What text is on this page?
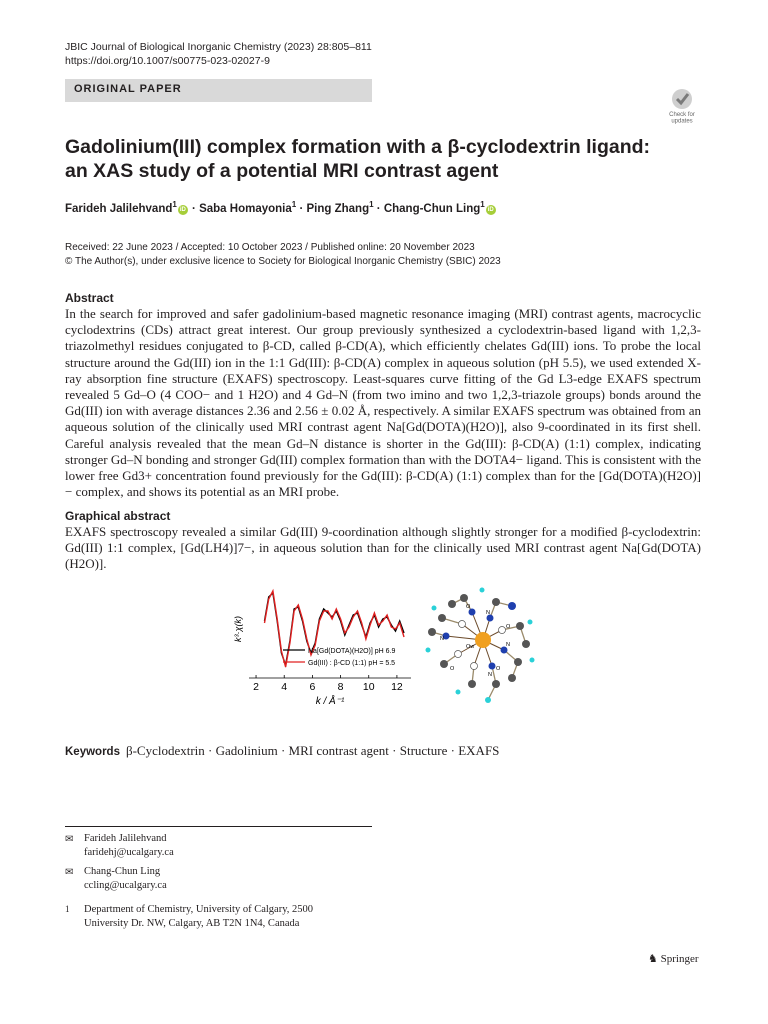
JBIC Journal of Biological Inorganic Chemistry (2023) 28:805–811
https://doi.org/10.1007/s00775-023-02027-9
ORIGINAL PAPER
Check for
updates
Gadolinium(III) complex formation with a β-cyclodextrin ligand:
an XAS study of a potential MRI contrast agent
Farideh Jalilehvand$^1$iD · Saba Homayonia$^1$ · Ping Zhang$^1$ · Chang-Chun Ling$^1$iD
Received: 22 June 2023 / Accepted: 10 October 2023 / Published online: 20 November 2023
© The Author(s), under exclusive licence to Society for Biological Inorganic Chemistry (SBIC) 2023
Abstract
In the search for improved and safer gadolinium-based magnetic resonance imaging (MRI) contrast agents, macrocyclic cyclodextrins (CDs) attract great interest. Our group previously synthesized a cyclodextrin-based ligand with 1,2,3-triazolmethyl residues conjugated to β-CD, called β-CD(A), which efficiently chelates Gd(III) ions. To probe the local structure around the Gd(III) ion in the 1:1 Gd(III): β-CD(A) complex in aqueous solution (pH 5.5), we used extended X-ray absorption fine structure (EXAFS) spectroscopy. Least-squares curve fitting of the Gd L3-edge EXAFS spectrum revealed 5 Gd–O (4 COO− and 1 H2O) and 4 Gd–N (from two imino and two 1,2,3-triazole groups) bonds around the Gd(III) ion with average distances 2.36 and 2.56 ± 0.02 Å, respectively. A similar EXAFS spectrum was obtained from an aqueous solution of the clinically used MRI contrast agent Na[Gd(DOTA)(H2O)], also 9-coordinated in its first shell. Careful analysis revealed that the mean Gd–N distance is shorter in the Gd(III): β-CD(A) (1:1) complex, indicating stronger Gd–N bonding and stronger Gd(III) complex formation than with the DOTA4− ligand. This is consistent with the lower free Gd3+ concentration found previously for the Gd(III): β-CD(A) (1:1) complex than for the [Gd(DOTA)(H2O)]− complex, and shows its potential as an MRI probe.
Graphical abstract
EXAFS spectroscopy revealed a similar Gd(III) 9-coordination although slightly stronger for a modified β-cyclodextrin: Gd(III) 1:1 complex, [Gd(LH4)]7−, in aqueous solution than for the clinically used MRI contrast agent Na[Gd(DOTA)(H2O)].
2 4 6 8 10 12
k / Å⁻¹
k³·χ(k)
Na[Gd(DOTA)(H2O)] pH 6.9
Gd(III) : β-CD (1:1) pH = 5.5
O
N
O
N
O
Ow
N
O
N
Keywords β-Cyclodextrin · Gadolinium · MRI contrast agent · Structure · EXAFS
✉ Farideh Jalilehvand
faridehj@ucalgary.ca
✉ Chang-Chun Ling
ccling@ucalgary.ca
1 Department of Chemistry, University of Calgary, 2500
University Dr. NW, Calgary, AB T2N 1N4, Canada
♞ Springer
